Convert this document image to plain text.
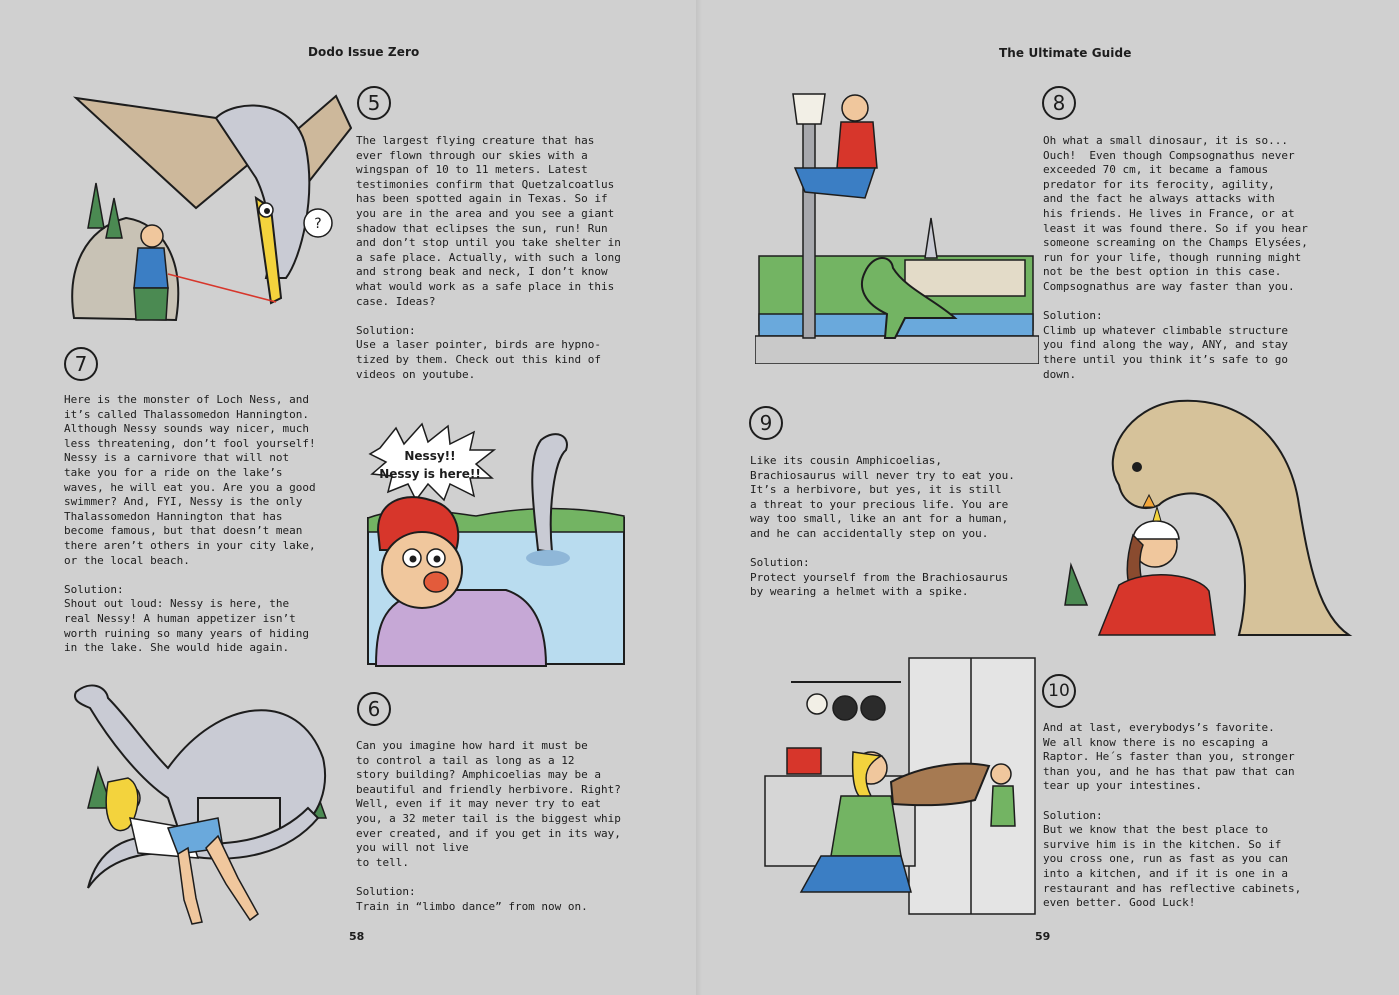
Dodo Issue Zero
?
5
The largest flying creature that has
ever flown through our skies with a
wingspan of 10 to 11 meters. Latest
testimonies confirm that Quetzalcoatlus
has been spotted again in Texas. So if
you are in the area and you see a giant
shadow that eclipses the sun, run! Run
and don’t stop until you take shelter in
a safe place. Actually, with such a long
and strong beak and neck, I don’t know
what would work as a safe place in this
case. Ideas?

Solution:
Use a laser pointer, birds are hypno-
tized by them. Check out this kind of
videos on youtube.
7
Here is the monster of Loch Ness, and
it’s called Thalassomedon Hannington.
Although Nessy sounds way nicer, much
less threatening, don’t fool yourself!
Nessy is a carnivore that will not
take you for a ride on the lake’s
waves, he will eat you. Are you a good
swimmer? And, FYI, Nessy is the only
Thalassomedon Hannington that has
become famous, but that doesn’t mean
there aren’t others in your city lake,
or the local beach.

Solution:
Shout out loud: Nessy is here, the
real Nessy! A human appetizer isn’t
worth ruining so many years of hiding
in the lake. She would hide again.
Nessy!!
Nessy is here!!
6
Can you imagine how hard it must be
to control a tail as long as a 12
story building? Amphicoelias may be a
beautiful and friendly herbivore. Right?
Well, even if it may never try to eat
you, a 32 meter tail is the biggest whip
ever created, and if you get in its way,
you will not live
to tell.

Solution:
Train in “limbo dance” from now on.
58
The Ultimate Guide
8
Oh what a small dinosaur, it is so...
Ouch!  Even though Compsognathus never
exceeded 70 cm, it became a famous
predator for its ferocity, agility,
and the fact he always attacks with
his friends. He lives in France, or at
least it was found there. So if you hear
someone screaming on the Champs Elysées,
run for your life, though running might
not be the best option in this case.
Compsognathus are way faster than you.

Solution:
Climb up whatever climbable structure
you find along the way, ANY, and stay
there until you think it’s safe to go
down.
9
Like its cousin Amphicoelias,
Brachiosaurus will never try to eat you.
It’s a herbivore, but yes, it is still
a threat to your precious life. You are
way too small, like an ant for a human,
and he can accidentally step on you.

Solution:
Protect yourself from the Brachiosaurus
by wearing a helmet with a spike.
10
And at last, everybodys’s favorite.
We all know there is no escaping a
Raptor. He´s faster than you, stronger
than you, and he has that paw that can
tear up your intestines.

Solution:
But we know that the best place to
survive him is in the kitchen. So if
you cross one, run as fast as you can
into a kitchen, and if it is one in a
restaurant and has reflective cabinets,
even better. Good Luck!
59
